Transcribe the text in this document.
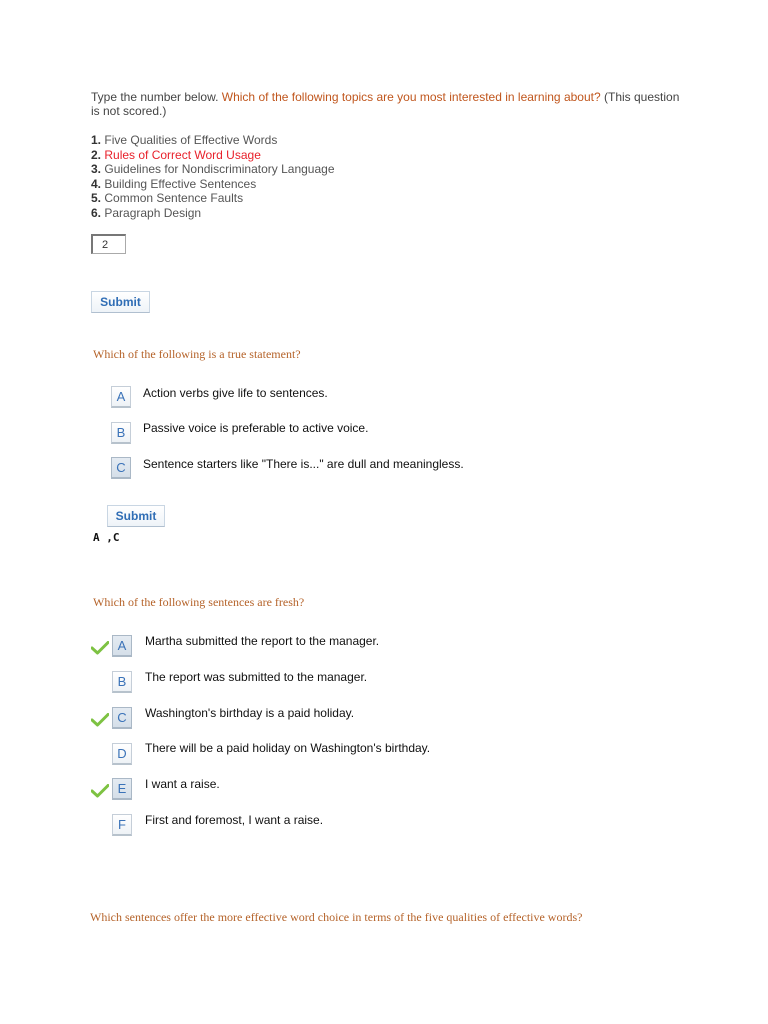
Type the number below. Which of the following topics are you most interested in learning about? (This question is not scored.)
1. Five Qualities of Effective Words
2. Rules of Correct Word Usage
3. Guidelines for Nondiscriminatory Language
4. Building Effective Sentences
5. Common Sentence Faults
6. Paragraph Design
2
Submit
Which of the following is a true statement?
A	Action verbs give life to sentences.
B	Passive voice is preferable to active voice.
C	Sentence starters like "There is..." are dull and meaningless.
Submit
A ,C
Which of the following sentences are fresh?
A	Martha submitted the report to the manager.
B	The report was submitted to the manager.
C	Washington's birthday is a paid holiday.
D	There will be a paid holiday on Washington's birthday.
E	I want a raise.
F	First and foremost, I want a raise.
Which sentences offer the more effective word choice in terms of the five qualities of effective words?
